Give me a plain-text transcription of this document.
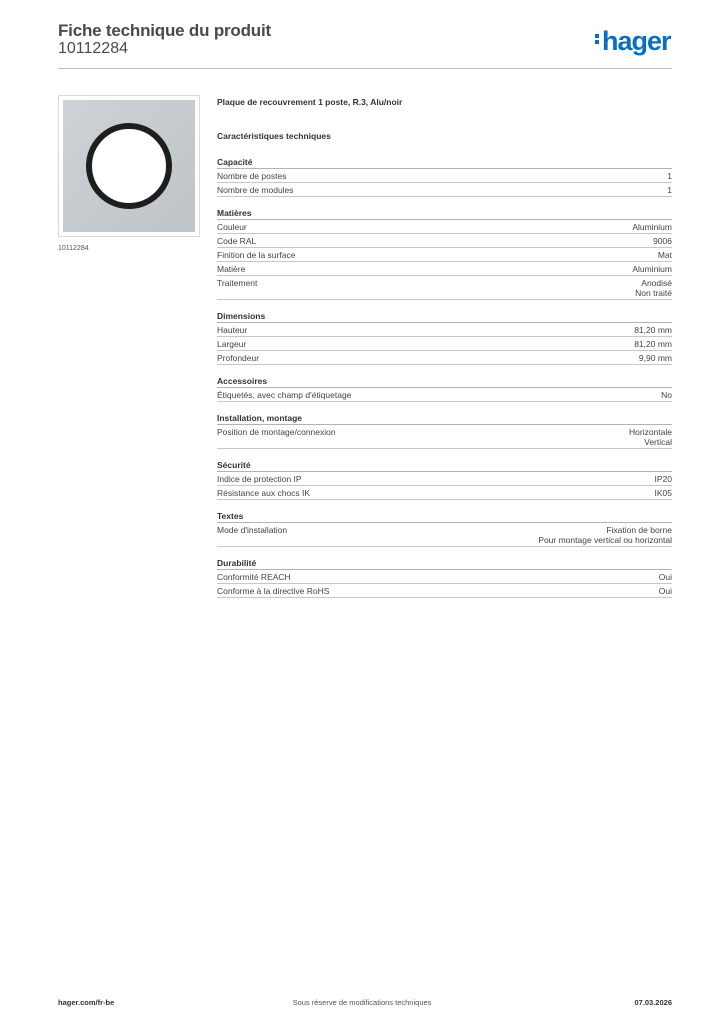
Fiche technique du produit
10112284	hager
10112284
Plaque de recouvrement 1 poste, R.3, Alu/noir
Caractéristiques techniques
Capacité
Nombre de postes	1
Nombre de modules	1
Matières
Couleur	Aluminium
Code RAL	9006
Finition de la surface	Mat
Matière	Aluminium
Traitement	Anodisé
Non traité
Dimensions
Hauteur	81,20 mm
Largeur	81,20 mm
Profondeur	9,90 mm
Accessoires
Étiquetés, avec champ d'étiquetage	No
Installation, montage
Position de montage/connexion	Horizontale
Vertical
Sécurité
Indice de protection IP	IP20
Résistance aux chocs IK	IK05
Textes
Mode d'installation	Fixation de borne
Pour montage vertical ou horizontal
Durabilité
Conformité REACH	Oui
Conforme à la directive RoHS	Oui
hager.com/fr-be	Sous réserve de modifications techniques	07.03.2026
